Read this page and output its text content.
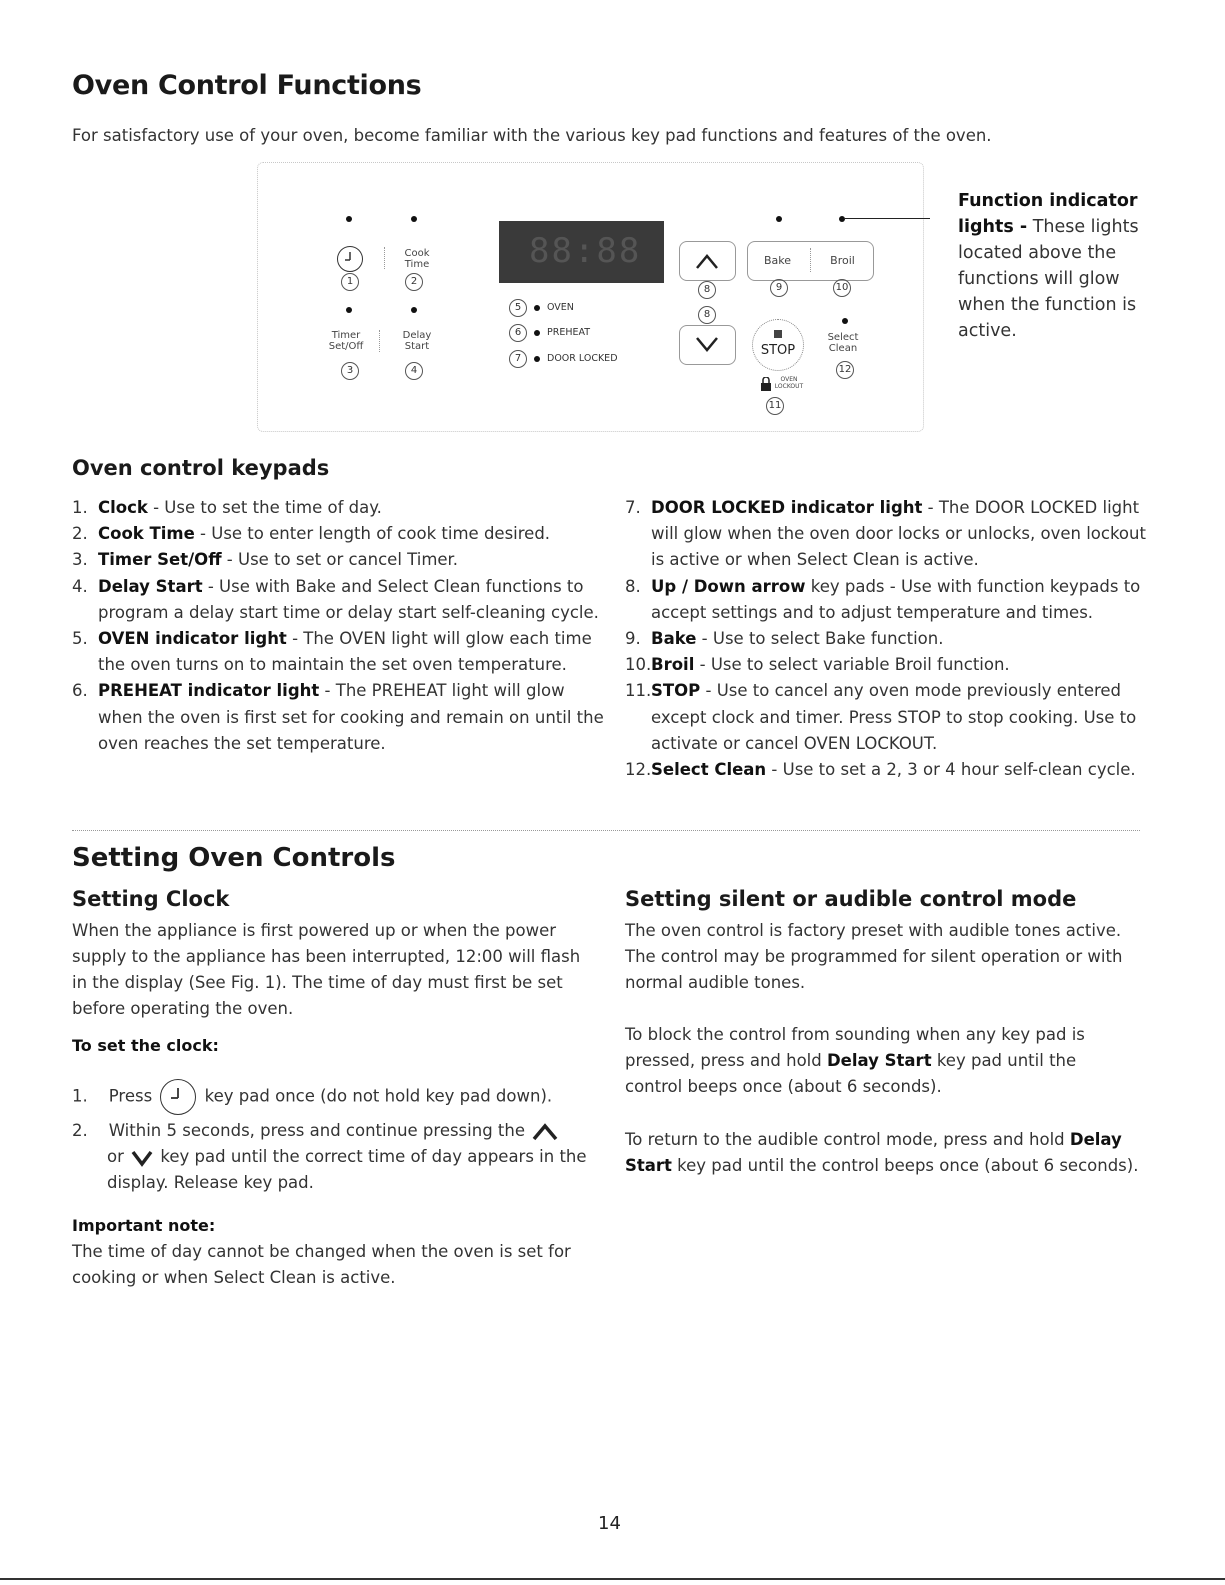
Oven Control Functions
For satisfactory use of your oven, become familiar with the various key pad functions and features of the oven.
Cook Time
1	2
Timer Set/Off
Delay Start
3	4
88:88
5	OVEN
6	PREHEAT
7	DOOR LOCKED
8
8
Bake	Broil
9	10
STOP
Select Clean
12
OVEN LOCKOUT
11
Function indicator lights - These lights located above the functions will glow when the function is active.
Oven control keypads
1. Clock - Use to set the time of day.
2. Cook Time - Use to enter length of cook time desired.
3. Timer Set/Off - Use to set or cancel Timer.
4. Delay Start - Use with Bake and Select Clean functions to program a delay start time or delay start self-cleaning cycle.
5. OVEN indicator light - The OVEN light will glow each time the oven turns on to maintain the set oven temperature.
6. PREHEAT indicator light - The PREHEAT light will glow when the oven is first set for cooking and remain on until the oven reaches the set temperature.
7. DOOR LOCKED indicator light - The DOOR LOCKED light will glow when the oven door locks or unlocks, oven lockout is active or when Select Clean is active.
8. Up / Down arrow key pads - Use with function keypads to accept settings and to adjust temperature and times.
9. Bake - Use to select Bake function.
10. Broil - Use to select variable Broil function.
11. STOP - Use to cancel any oven mode previously entered except clock and timer. Press STOP to stop cooking. Use to activate or cancel OVEN LOCKOUT.
12. Select Clean - Use to set a 2, 3 or 4 hour self-clean cycle.
Setting Oven Controls
Setting Clock
When the appliance is first powered up or when the power supply to the appliance has been interrupted, 12:00 will flash in the display (See Fig. 1). The time of day must first be set before operating the oven.
To set the clock:
1. Press	key pad once (do not hold key pad down).
2. Within 5 seconds, press and continue pressing the
or key pad until the correct time of day appears in the display. Release key pad.
Important note:
The time of day cannot be changed when the oven is set for cooking or when Select Clean is active.
Setting silent or audible control mode
The oven control is factory preset with audible tones active. The control may be programmed for silent operation or with normal audible tones.
To block the control from sounding when any key pad is pressed, press and hold Delay Start key pad until the control beeps once (about 6 seconds).
To return to the audible control mode, press and hold Delay Start key pad until the control beeps once (about 6 seconds).
14
